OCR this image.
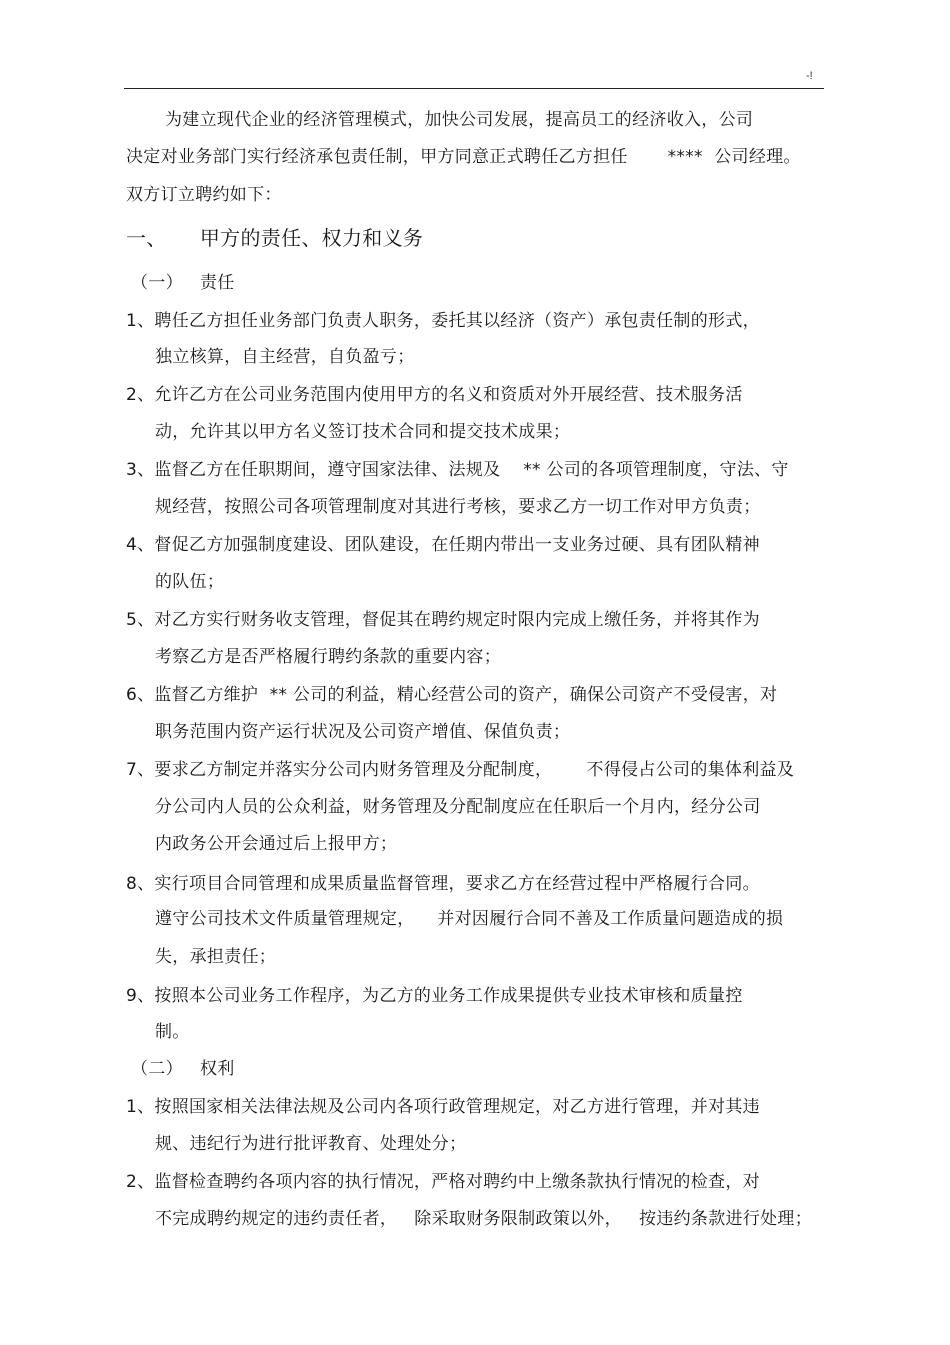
-!
为建立现代企业的经济管理模式，加快公司发展，提高员工的经济收入，公司
决定对业务部门实行经济承包责任制，甲方同意正式聘任乙方担任       ****  公司经理。
双方订立聘约如下：
一、     甲方的责任、权力和义务
（一）   责任
1、聘任乙方担任业务部门负责人职务，委托其以经济（资产）承包责任制的形式，
独立核算，自主经营，自负盈亏；
2、允许乙方在公司业务范围内使用甲方的名义和资质对外开展经营、技术服务活
动，允许其以甲方名义签订技术合同和提交技术成果；
3、监督乙方在任职期间，遵守国家法律、法规及    ** 公司的各项管理制度，守法、守
规经营，按照公司各项管理制度对其进行考核，要求乙方一切工作对甲方负责；
4、督促乙方加强制度建设、团队建设，在任期内带出一支业务过硬、具有团队精神
的队伍；
5、对乙方实行财务收支管理，督促其在聘约规定时限内完成上缴任务，并将其作为
考察乙方是否严格履行聘约条款的重要内容；
6、监督乙方维护  ** 公司的利益，精心经营公司的资产，确保公司资产不受侵害，对
职务范围内资产运行状况及公司资产增值、保值负责；
7、要求乙方制定并落实分公司内财务管理及分配制度，      不得侵占公司的集体利益及
分公司内人员的公众利益，财务管理及分配制度应在任职后一个月内，经分公司
内政务公开会通过后上报甲方；
8、实行项目合同管理和成果质量监督管理，要求乙方在经营过程中严格履行合同。
遵守公司技术文件质量管理规定，    并对因履行合同不善及工作质量问题造成的损
失，承担责任；
9、按照本公司业务工作程序，为乙方的业务工作成果提供专业技术审核和质量控
制。
（二）   权利
1、按照国家相关法律法规及公司内各项行政管理规定，对乙方进行管理，并对其违
规、违纪行为进行批评教育、处理处分；
2、监督检查聘约各项内容的执行情况，严格对聘约中上缴条款执行情况的检查，对
不完成聘约规定的违约责任者，   除采取财务限制政策以外，   按违约条款进行处理；
